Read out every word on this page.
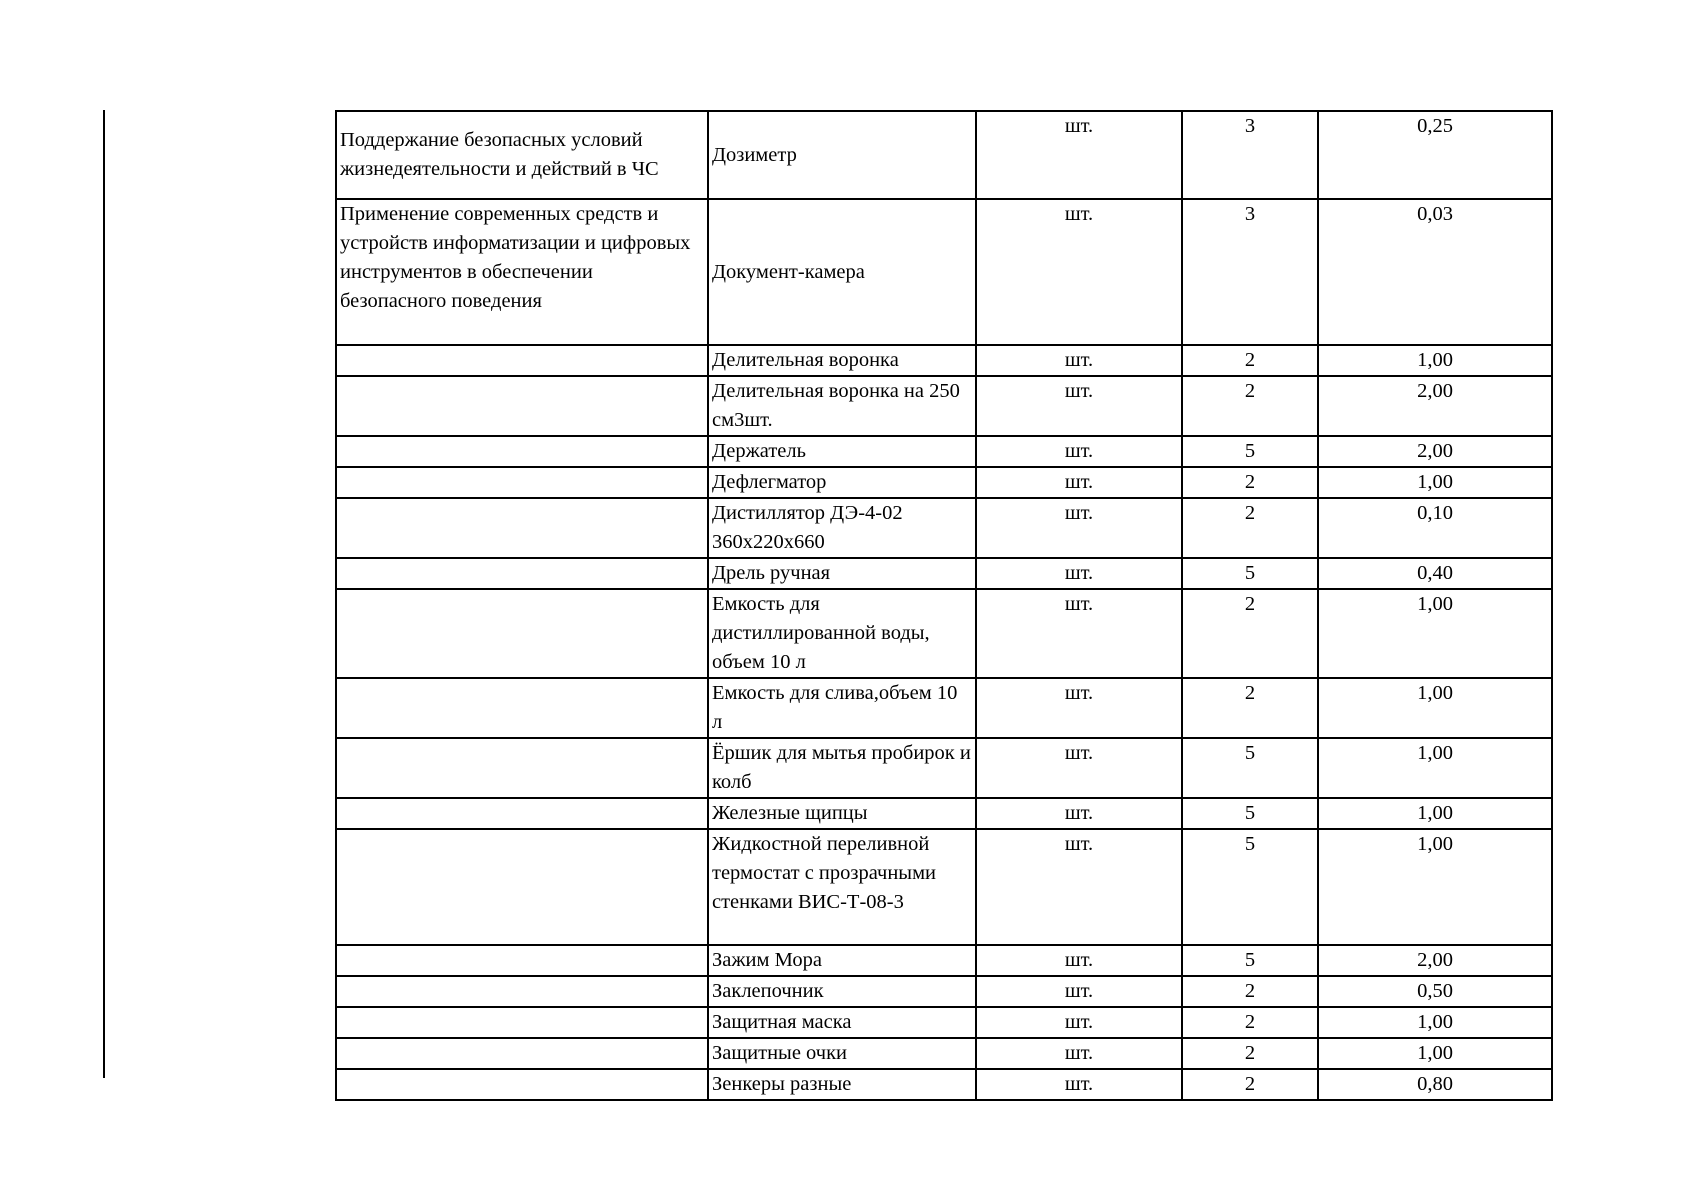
Поддержание безопасных условий жизнедеятельности и действий в ЧС	Дозиметр	шт.	3	0,25
Применение современных средств и устройств информатизации и цифровых инструментов в обеспечении безопасного поведения	Документ-камера	шт.	3	0,03
	Делительная воронка	шт.	2	1,00
	Делительная воронка на 250 см3шт.	шт.	2	2,00
	Держатель	шт.	5	2,00
	Дефлегматор	шт.	2	1,00
	Дистиллятор ДЭ-4-02 360х220х660	шт.	2	0,10
	Дрель ручная	шт.	5	0,40
	Емкость для дистиллированной воды, объем 10 л	шт.	2	1,00
	Емкость для слива,объем 10 л	шт.	2	1,00
	Ёршик для мытья пробирок и колб	шт.	5	1,00
	Железные щипцы	шт.	5	1,00
	Жидкостной переливной термостат с прозрачными стенками ВИС-Т-08-3	шт.	5	1,00
	Зажим Мора	шт.	5	2,00
	Заклепочник	шт.	2	0,50
	Защитная маска	шт.	2	1,00
	Защитные очки	шт.	2	1,00
	Зенкеры разные	шт.	2	0,80
